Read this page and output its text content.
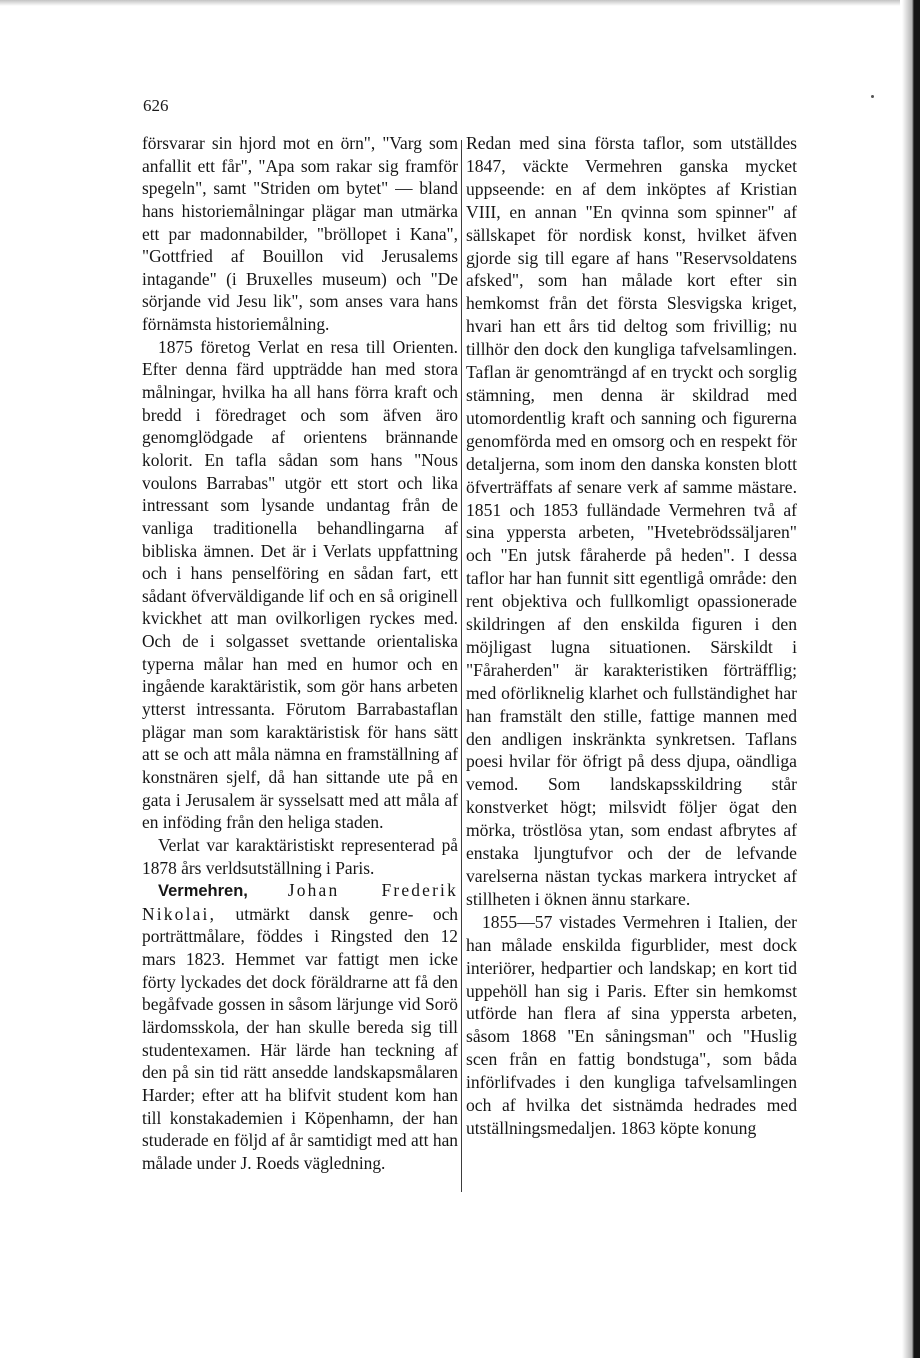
626

försvarar sin hjord mot en örn", "Varg som anfallit ett får", "Apa som rakar sig framför spegeln", samt "Striden om bytet" — bland hans historiemålningar plägar man utmärka ett par madonnabilder, "bröllopet i Kana", "Gottfried af Bouillon vid Jerusalems intagande" (i Bruxelles museum) och "De sörjande vid Jesu lik", som anses vara hans förnämsta historiemålning.

1875 företog Verlat en resa till Orienten. Efter denna färd uppträdde han med stora målningar, hvilka ha all hans förra kraft och bredd i föredraget och som äfven äro genomglödgade af orientens brännande kolorit. En tafla sådan som hans "Nous voulons Barrabas" utgör ett stort och lika intressant som lysande undantag från de vanliga traditionella behandlingarna af bibliska ämnen. Det är i Verlats uppfattning och i hans penselföring en sådan fart, ett sådant öfverväldigande lif och en så originell kvickhet att man ovilkorligen ryckes med. Och de i solgasset svettande orientaliska typerna målar han med en humor och en ingående karaktäristik, som gör hans arbeten ytterst intressanta. Förutom Barrabastaflan plägar man som karaktäristisk för hans sätt att se och att måla nämna en framställning af konstnären sjelf, då han sittande ute på en gata i Jerusalem är sysselsatt med att måla af en inföding från den heliga staden.

Verlat var karaktäristiskt representerad på 1878 års verldsutställning i Paris.

Vermehren, Johan Frederik Nikolai, utmärkt dansk genre- och porträttmålare, föddes i Ringsted den 12 mars 1823. Hemmet var fattigt men icke förty lyckades det dock föräldrarne att få den begåfvade gossen in såsom lärjunge vid Sorö lärdomsskola, der han skulle bereda sig till studentexamen. Här lärde han teckning af den på sin tid rätt ansedde landskapsmålaren Harder; efter att ha blifvit student kom han till konstakademien i Köpenhamn, der han studerade en följd af år samtidigt med att han målade under J. Roeds vägledning.

Redan med sina första taflor, som utställdes 1847, väckte Vermehren ganska mycket uppseende: en af dem inköptes af Kristian VIII, en annan "En qvinna som spinner" af sällskapet för nordisk konst, hvilket äfven gjorde sig till egare af hans "Reservsoldatens afsked", som han målade kort efter sin hemkomst från det första Slesvigska kriget, hvari han ett års tid deltog som frivillig; nu tillhör den dock den kungliga tafvelsamlingen. Taflan är genomträngd af en tryckt och sorglig stämning, men denna är skildrad med utomordentlig kraft och sanning och figurerna genomförda med en omsorg och en respekt för detaljerna, som inom den danska konsten blott öfverträffats af senare verk af samme mästare. 1851 och 1853 fulländade Vermehren två af sina yppersta arbeten, "Hvetebrödssäljaren" och "En jutsk fåraherde på heden". I dessa taflor har han funnit sitt egentligå område: den rent objektiva och fullkomligt opassionerade skildringen af den enskilda figuren i den möjligast lugna situationen. Särskildt i "Fåraherden" är karakteristiken förträfflig; med oförliknelig klarhet och fullständighet har han framstält den stille, fattige mannen med den andligen inskränkta synkretsen. Taflans poesi hvilar för öfrigt på dess djupa, oändliga vemod. Som landskapsskildring står konstverket högt; milsvidt följer ögat den mörka, tröstlösa ytan, som endast afbrytes af enstaka ljungtufvor och der de lefvande varelserna nästan tyckas markera intrycket af stillheten i öknen ännu starkare.

1855—57 vistades Vermehren i Italien, der han målade enskilda figurblider, mest dock interiörer, hedpartier och landskap; en kort tid uppehöll han sig i Paris. Efter sin hemkomst utförde han flera af sina yppersta arbeten, såsom 1868 "En såningsman" och "Huslig scen från en fattig bondstuga", som båda införlifvades i den kungliga tafvelsamlingen och af hvilka det sistnämda hedrades med utställningsmedaljen. 1863 köpte konung
